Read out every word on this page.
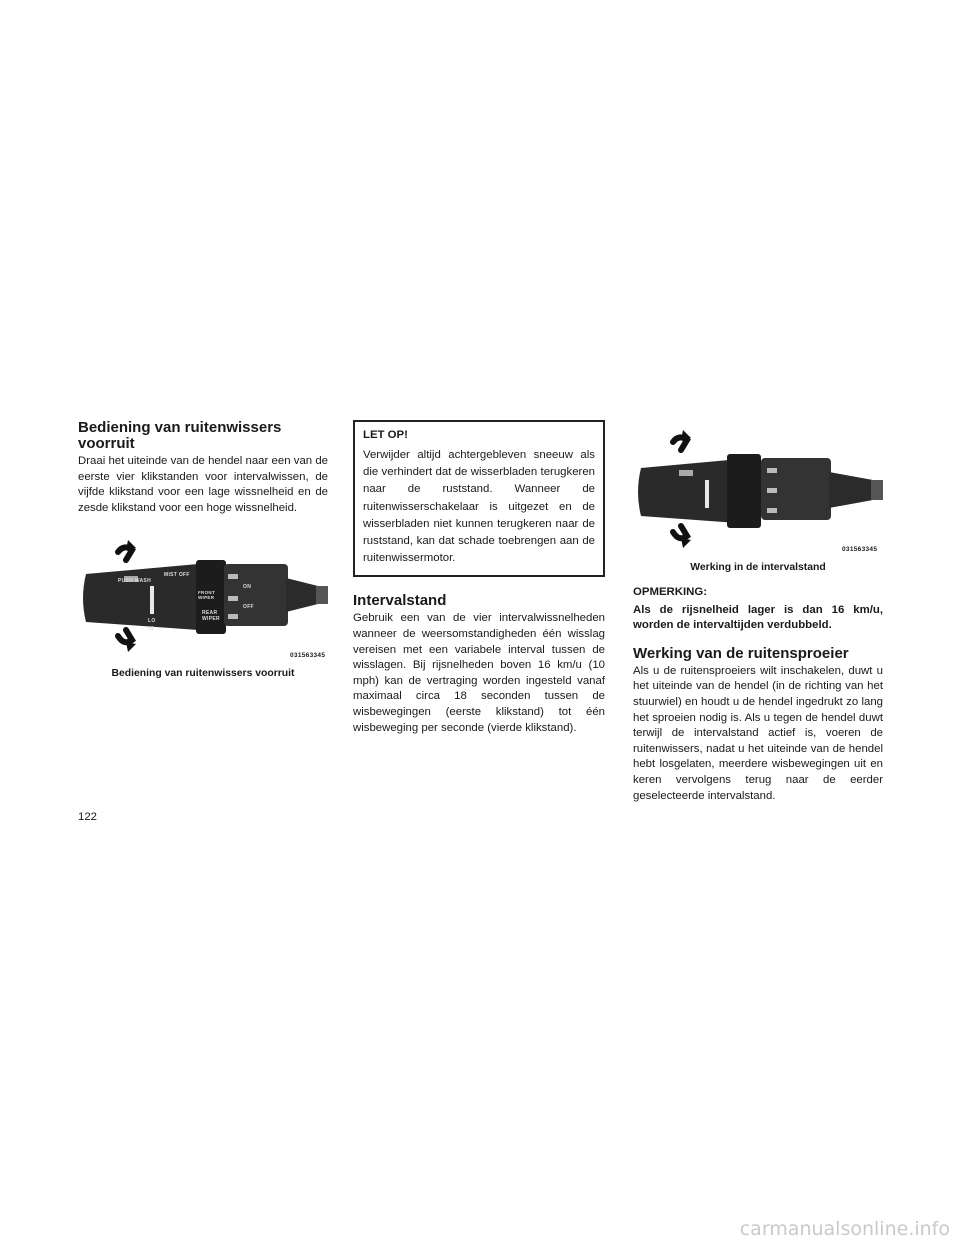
Bediening van ruitenwissers voorruit

Draai het uiteinde van de hendel naar een van de eerste vier klikstanden voor intervalwissen, de vijfde klikstand voor een lage wissnelheid en de zesde klikstand voor een hoge wissnelheid.

PUSH WASH
MIST OFF
FRONT WIPER
REAR WIPER
ON
OFF
LO
HI
031563345
Bediening van ruitenwissers voorruit
LET OP!

Verwijder altijd achtergebleven sneeuw als die verhindert dat de wisserbladen terugkeren naar de ruststand. Wanneer de ruitenwisserschakelaar is uitgezet en de wisserbladen niet kunnen terugkeren naar de ruststand, kan dat schade toebrengen aan de ruitenwissermotor.

Intervalstand

Gebruik een van de vier intervalwissnelheden wanneer de weersomstandigheden één wisslag vereisen met een variabele interval tussen de wisslagen. Bij rijsnelheden boven 16 km/u (10 mph) kan de vertraging worden ingesteld vanaf maximaal circa 18 seconden tussen de wisbewegingen (eerste klikstand) tot één wisbeweging per seconde (vierde klikstand).

031563345
Werking in de intervalstand
OPMERKING:

Als de rijsnelheid lager is dan 16 km/u, worden de intervaltijden verdubbeld.

Werking van de ruitensproeier

Als u de ruitensproeiers wilt inschakelen, duwt u het uiteinde van de hendel (in de richting van het stuurwiel) en houdt u de hendel ingedrukt zo lang het sproeien nodig is. Als u tegen de hendel duwt terwijl de intervalstand actief is, voeren de ruitenwissers, nadat u het uiteinde van de hendel hebt losgelaten, meerdere wisbewegingen uit en keren vervolgens terug naar de eerder geselecteerde intervalstand.

122
carmanualsonline.info
